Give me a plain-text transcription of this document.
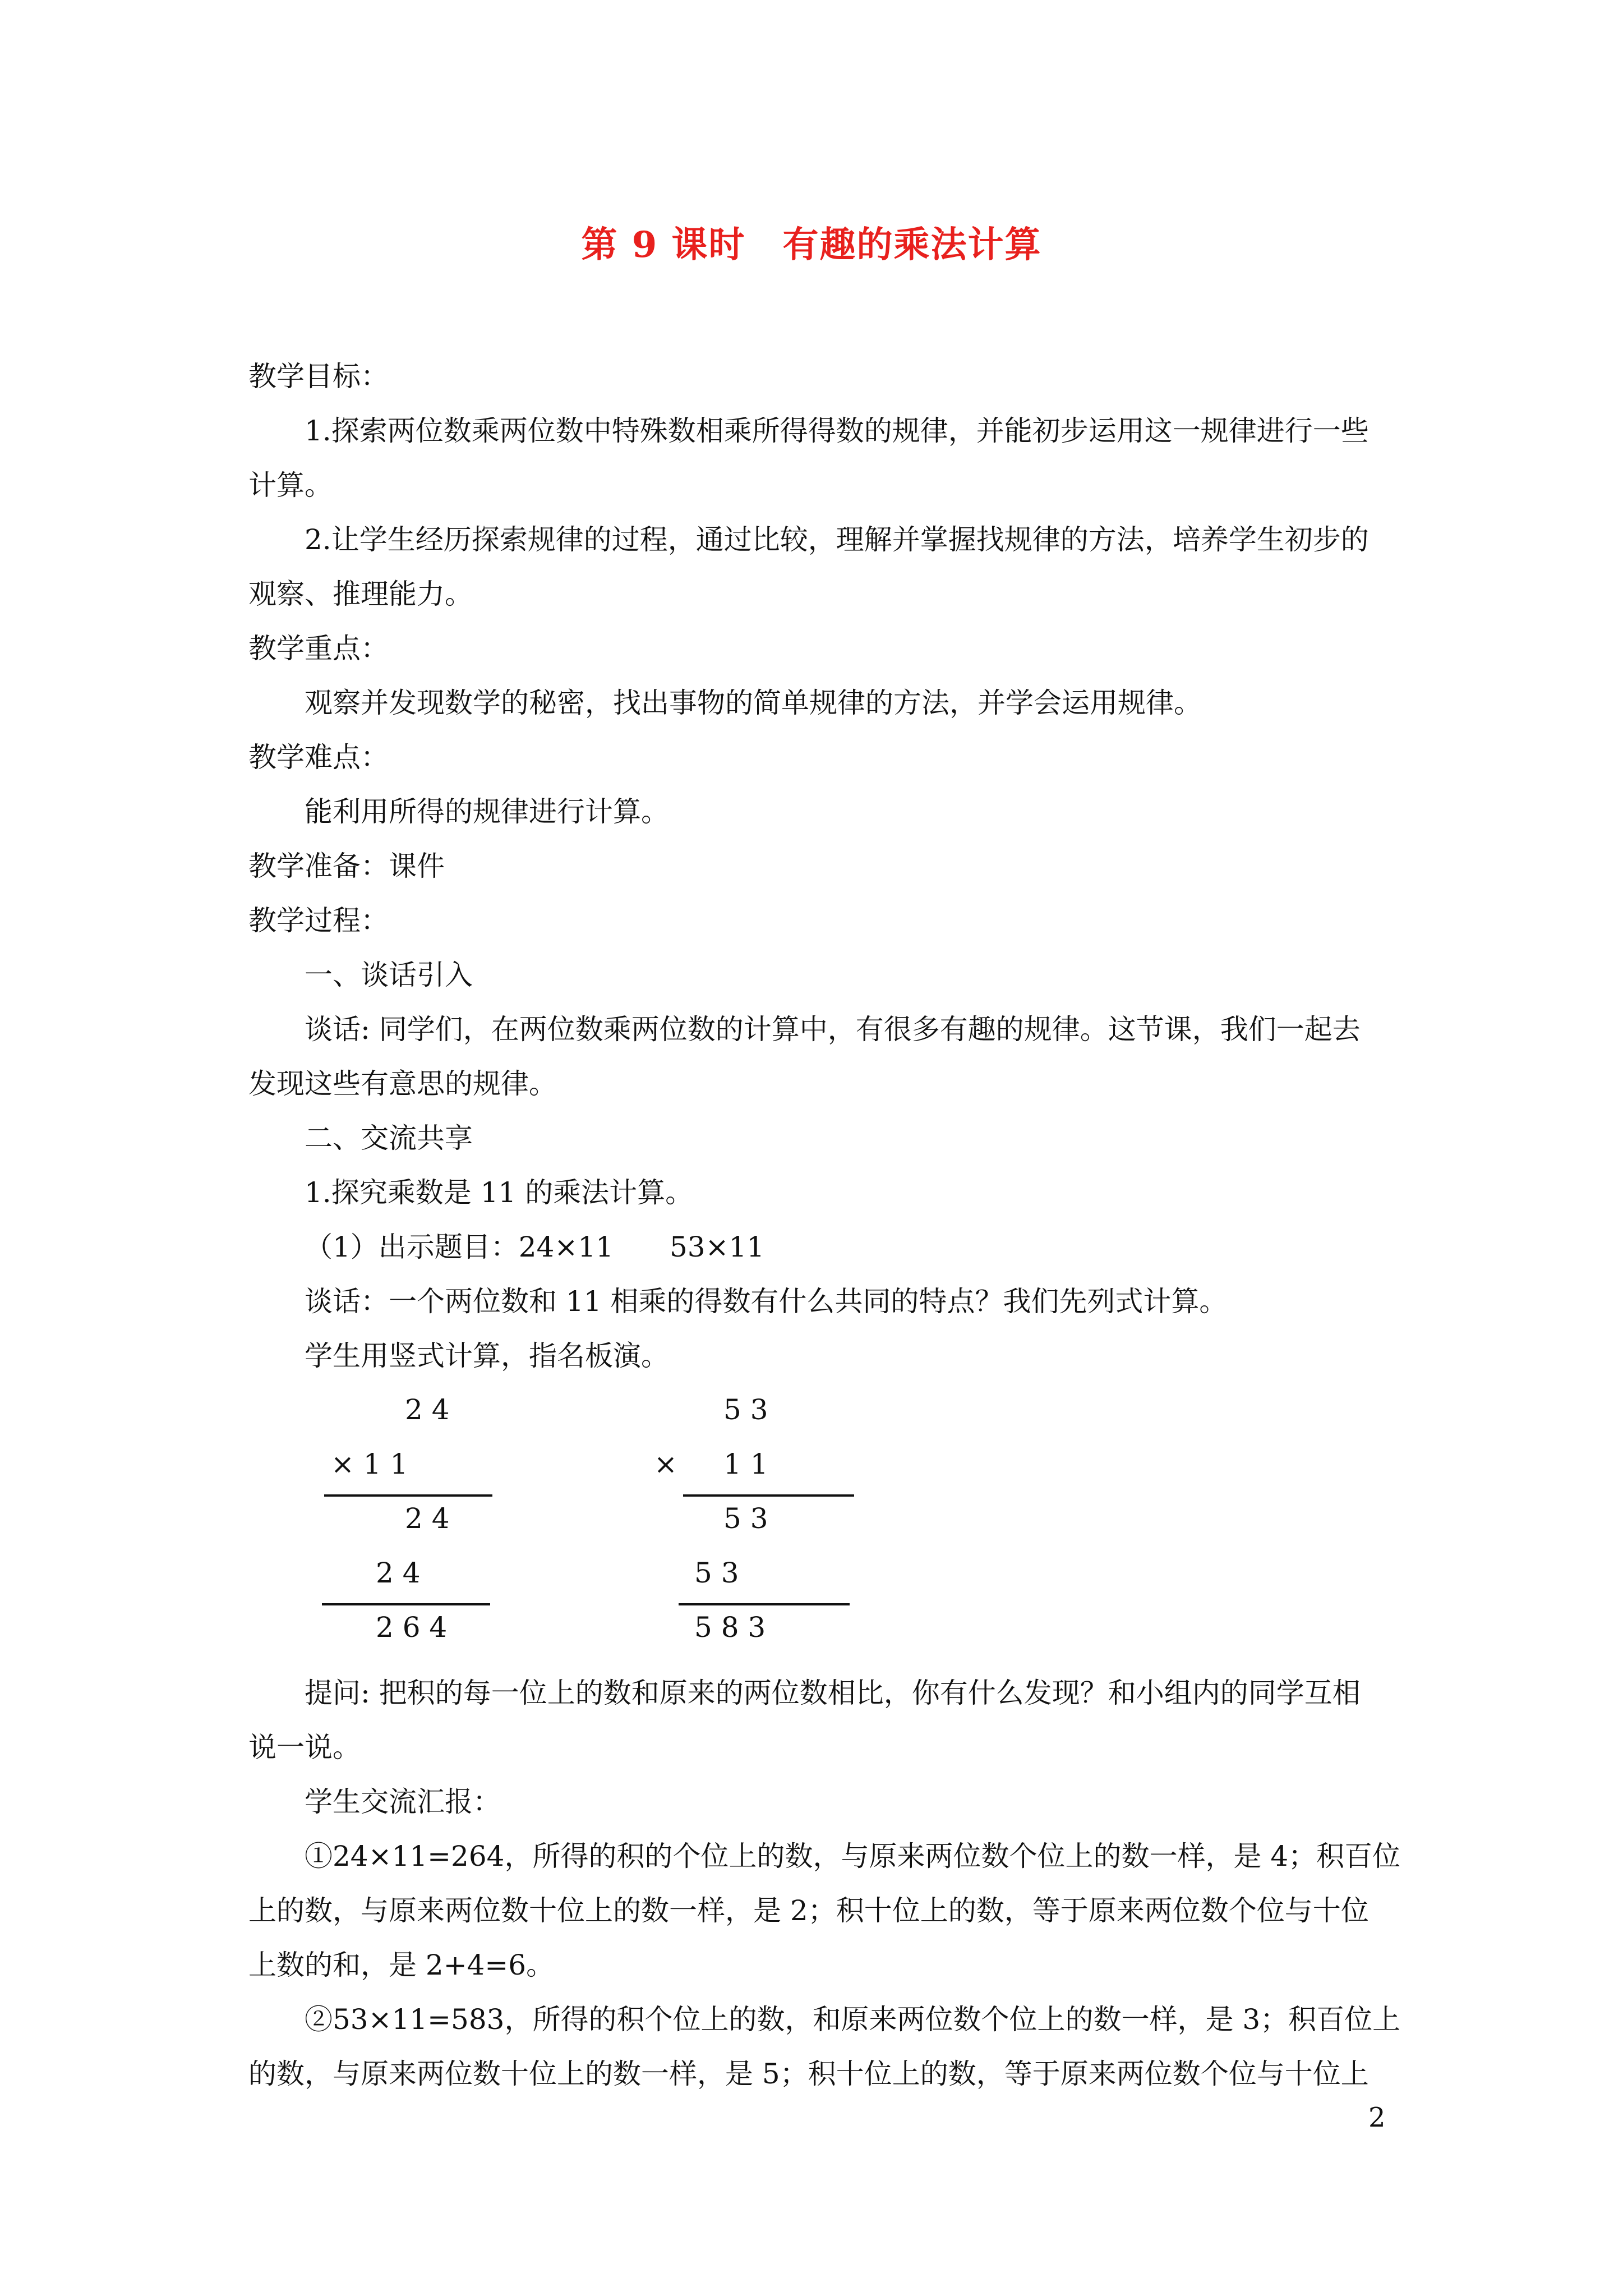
第 9 课时　有趣的乘法计算
教学目标：
1.探索两位数乘两位数中特殊数相乘所得得数的规律，并能初步运用这一规律进行一些
计算。
2.让学生经历探索规律的过程，通过比较，理解并掌握找规律的方法，培养学生初步的
观察、推理能力。
教学重点：
观察并发现数学的秘密，找出事物的简单规律的方法，并学会运用规律。
教学难点：
能利用所得的规律进行计算。
教学准备：课件
教学过程：
一、谈话引入
谈话: 同学们，在两位数乘两位数的计算中，有很多有趣的规律。这节课，我们一起去
发现这些有意思的规律。
二、交流共享
1.探究乘数是 11 的乘法计算。
（1）出示题目：24×11　　53×11
谈话：一个两位数和 11 相乘的得数有什么共同的特点？我们先列式计算。
学生用竖式计算，指名板演。
2 4
× 1 1
2 4
2 4
2 6 4
5 3
× 1 1
5 3
5 3
5 8 3
提问: 把积的每一位上的数和原来的两位数相比，你有什么发现？和小组内的同学互相
说一说。
学生交流汇报：
①24×11=264，所得的积的个位上的数，与原来两位数个位上的数一样，是 4；积百位
上的数，与原来两位数十位上的数一样，是 2；积十位上的数，等于原来两位数个位与十位
上数的和，是 2+4=6。
②53×11=583，所得的积个位上的数，和原来两位数个位上的数一样，是 3；积百位上
的数，与原来两位数十位上的数一样，是 5；积十位上的数，等于原来两位数个位与十位上
2
